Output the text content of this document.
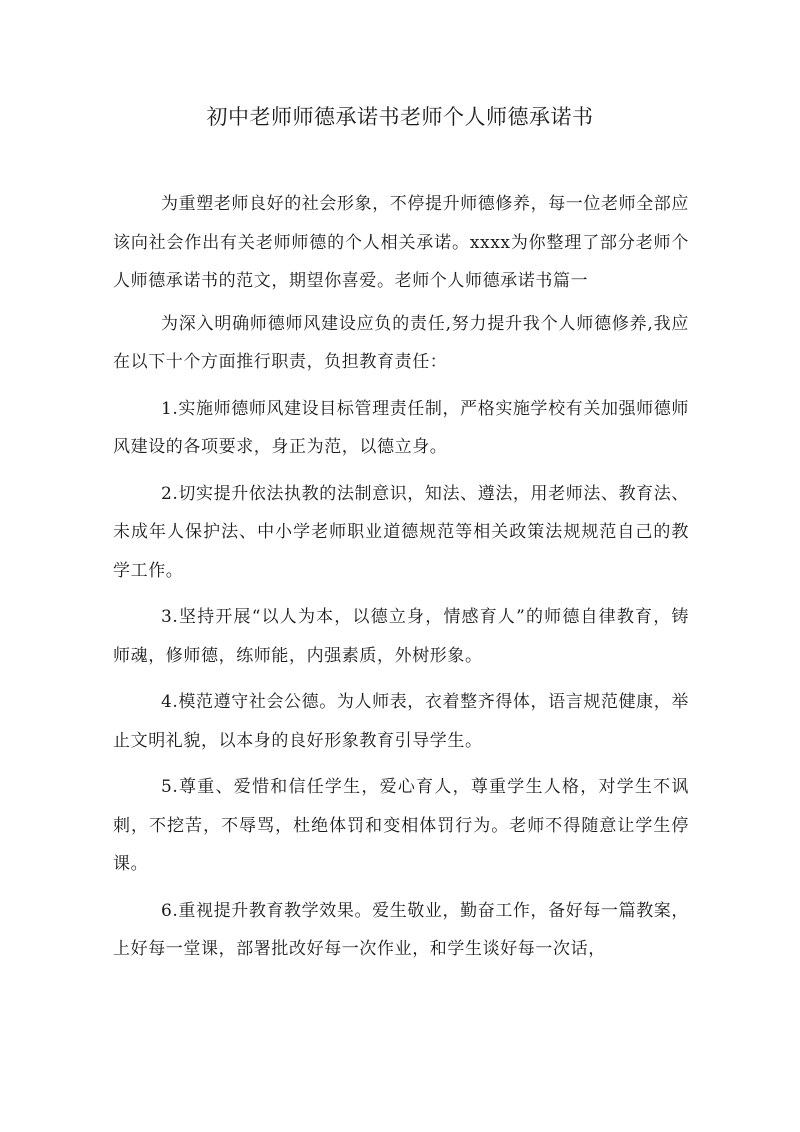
初中老师师德承诺书老师个人师德承诺书

为重塑老师良好的社会形象，不停提升师德修养，每一位老师全部应该向社会作出有关老师师德的个人相关承诺。xxxx为你整理了部分老师个人师德承诺书的范文，期望你喜爱。老师个人师德承诺书篇一

为深入明确师德师风建设应负的责任,努力提升我个人师德修养,我应在以下十个方面推行职责，负担教育责任：

1.实施师德师风建设目标管理责任制，严格实施学校有关加强师德师风建设的各项要求，身正为范，以德立身。

2.切实提升依法执教的法制意识，知法、遵法，用老师法、教育法、未成年人保护法、中小学老师职业道德规范等相关政策法规规范自己的教学工作。

3.坚持开展“以人为本，以德立身，情感育人”的师德自律教育，铸师魂，修师德，练师能，内强素质，外树形象。

4.模范遵守社会公德。为人师表，衣着整齐得体，语言规范健康，举止文明礼貌，以本身的良好形象教育引导学生。

5.尊重、爱惜和信任学生，爱心育人，尊重学生人格，对学生不讽刺，不挖苦，不辱骂，杜绝体罚和变相体罚行为。老师不得随意让学生停课。

6.重视提升教育教学效果。爱生敬业，勤奋工作，备好每一篇教案，上好每一堂课，部署批改好每一次作业，和学生谈好每一次话，
